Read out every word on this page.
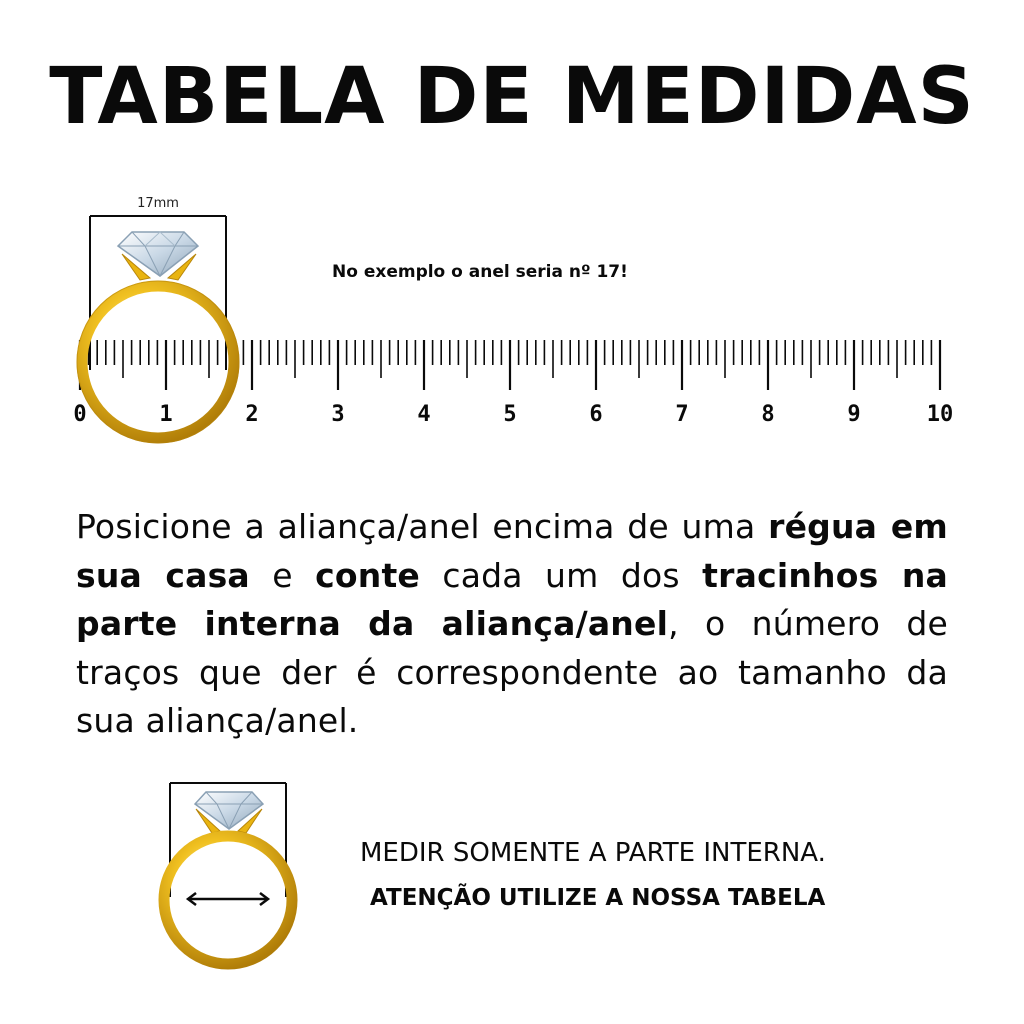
TABELA DE MEDIDAS
17mm
0	1	2	3	4	5	6	7	8	9	10

No exemplo o anel seria nº 17!

Posicione a aliança/anel encima de uma régua em sua casa e conte cada um dos tracinhos na parte interna da aliança/anel, o número de traços que der é correspondente ao tamanho da sua aliança/anel.

MEDIR SOMENTE A PARTE INTERNA.

ATENÇÃO UTILIZE A NOSSA TABELA
